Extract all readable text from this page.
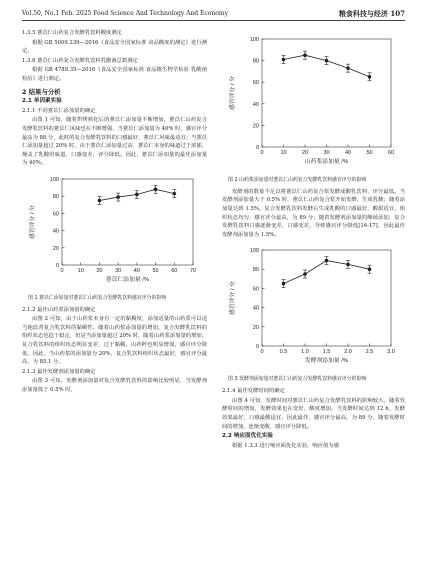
Vol.50, No.1 Feb. 2025 Food Science And Technology And Economy	粮食科技与经济 107
1.3.5 薏苡仁山药复合发酵乳饮料酸度测定

根据 GB 5009.239—2016《食品安全国家标准 食品酸度的测定》进行测定。

1.3.6 薏苡仁山药复合发酵乳饮料乳酸菌总数测定

根据 GB 4789.35—2016《食品安全国家标准 食品微生物学检验 乳酸菌检验》进行测定。

2 结果与分析
2.1 单因素实验
2.1.1 不同薏苡仁添加量的确定

由图 1 可知，随着烘烤熟化后的薏苡仁添加量不断增加，薏苡仁山药复合发酵乳饮料的薏苡仁风味也在不断增强，当薏苡仁添加量为 40% 时，感官评分最高为 88 分，此时的复合发酵乳饮料的口感最好，薏苡仁风味最适宜；当薏苡仁添加量超过 20% 时，由于薏苡仁添加量过高，薏苡仁本身的味道过于浓郁，掩盖了乳酸的味道，口感变差，评分降低。因此，薏苡仁添加量的最佳添加量为 40%。

0
20
40
60
80
100
0	10 20 30 40 50 60 70
薏苡仁添加量 /%
感官评分 / 分
图 1 薏苡仁添加量对薏苡仁山药复合发酵乳饮料感官评分的影响
2.1.2 最佳山药浆添加量的确定

由图 2 可知，由于山药浆本身有一定的黏稠度，添加适量的山药浆可以适当地改善复合乳饮料的黏稠性。随着山药浆添加量的增加，复合发酵乳饮料的组织状态也趋于稳定，但是当添加量超过 20% 时，随着山药浆添加量的增加，复合乳饮料的组织状态明显变差，过于黏稠，山药粹也明显增加，感官评分降低，因此，当山药浆的添加量为 20%，复合乳饮料组织状态最好，感官评分最高，为 85.1 分。

2.1.3 最佳发酵剂添加量的确定

由图 3 可知，发酵剂添加量对复合发酵乳饮料的影响比较明显，当发酵剂添加量低于 0.5% 时，

0
20
40
60
80
100
0	10	20	30	40	50	60
山药浆添加量 /%
感官评分 / 分
图 2 山药浆添加量对薏苡仁山药复合发酵乳饮料感官评分的影响

发酵剂的数量不足以将薏苡仁山药复合浆发酵成酸乳饮料，评分最低。当发酵剂添加量大于 0.5% 时，薏苡仁山药复合浆开始发酵，生成乳酸；随着添加量达到 1.5%，复合发酵乳饮料发酵后生成乳酸的口感最好，酸甜适宜，组织状态均匀，感官评分最高，为 89 分；随着发酵剂添加量的继续添加，复合发酵乳饮料口感逐渐变差，口感变差，导致感官评分降低[16-17]，因此最佳发酵剂添加量为 1.5%。

0
20
40
60
80
100
0	0.5	1.0	1.5	2.0	2.5	3.0
发酵剂添加量 /%
感官评分 / 分
图 3 发酵剂添加量对薏苡仁山药复合发酵乳饮料感官评分的影响
2.1.4 最佳发酵时间的确定

由图 4 可知，发酵时间对薏苡仁山药复合发酵乳饮料的影响较大，随着发酵时间的增加，发酵效果也在变好，酸度增加，当发酵时间达到 12 h，发酵效果最好，口感最酸适宜，因此最佳，感官评分最高，为 89 分，随着发酵时间的增加，连渐变酸，感官评分降低。

2.2 响应面优化实验

根据 1.3.3 进行响应面优化实验，响应值为感
